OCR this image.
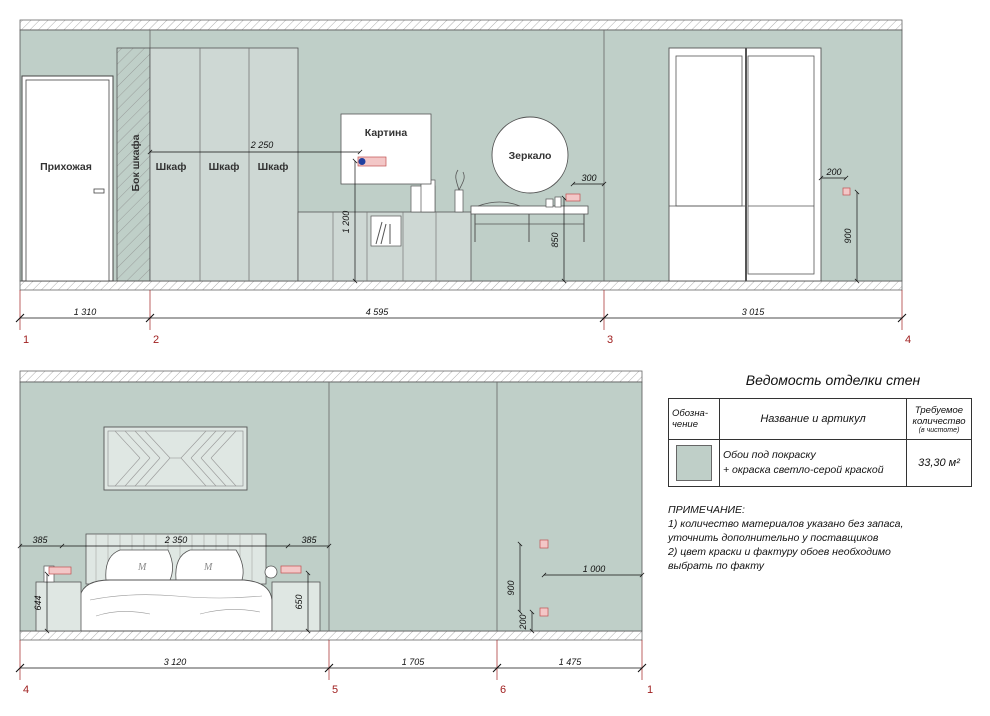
Прихожая	Бок шкафа Шкаф Шкаф Шкаф
Картина
Зеркало
2 250
1 200
850
300
200
900
1 310	4 595	3 015
1	2	3	4
M	M
385	2 350	385
644	650
900
200
1 000
3 120	1 705	1 475
4	5	6	1
Ведомость отделки стен
Обозна-чение	Название и артикул	Требуемое количество
(в чистоте)

	Обои под покраску
+ окраска светло-серой краской	33,30 м²
ПРИМЕЧАНИЕ:
1) количество материалов указано без запаса,
уточнить дополнительно у поставщиков
2) цвет краски и фактуру обоев необходимо
выбрать по факту
